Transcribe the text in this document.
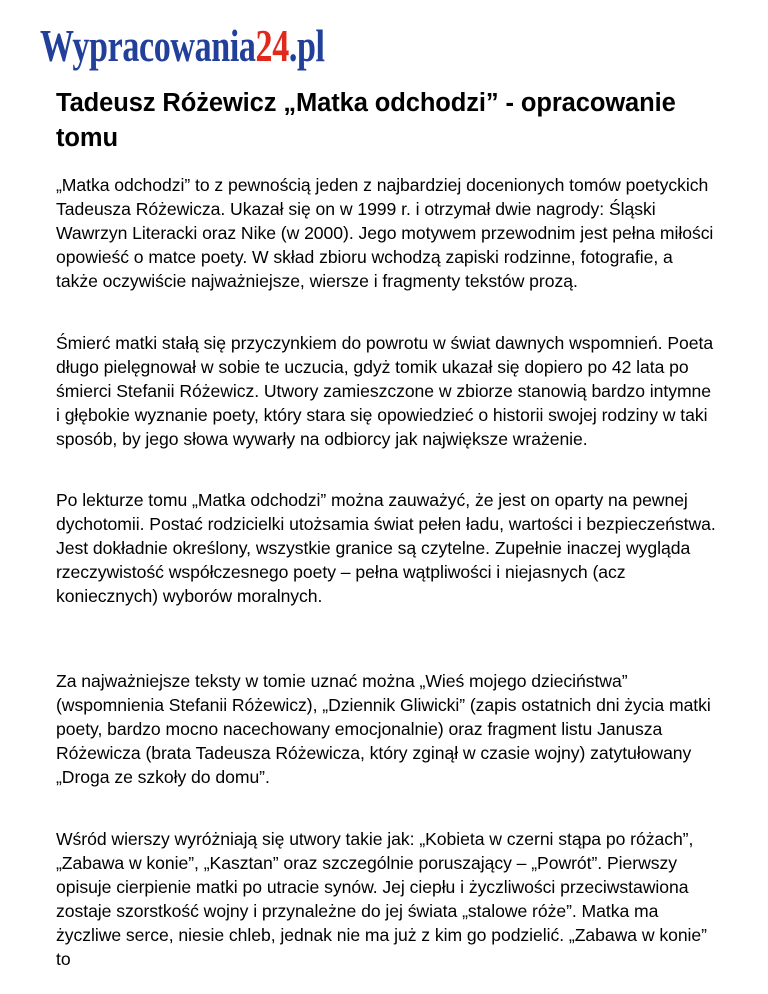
Wypracowania24.pl
Tadeusz Różewicz „Matka odchodzi” - opracowanie tomu

„Matka odchodzi” to z pewnością jeden z najbardziej docenionych tomów poetyckich Tadeusza Różewicza. Ukazał się on w 1999 r. i otrzymał dwie nagrody: Śląski Wawrzyn Literacki oraz Nike (w 2000). Jego motywem przewodnim jest pełna miłości opowieść o matce poety. W skład zbioru wchodzą zapiski rodzinne, fotografie, a także oczywiście najważniejsze, wiersze i fragmenty tekstów prozą.

Śmierć matki stałą się przyczynkiem do powrotu w świat dawnych wspomnień. Poeta długo pielęgnował w sobie te uczucia, gdyż tomik ukazał się dopiero po 42 lata po śmierci Stefanii Różewicz. Utwory zamieszczone w zbiorze stanowią bardzo intymne i głębokie wyznanie poety, który stara się opowiedzieć o historii swojej rodziny w taki sposób, by jego słowa wywarły na odbiorcy jak największe wrażenie.

Po lekturze tomu „Matka odchodzi” można zauważyć, że jest on oparty na pewnej dychotomii. Postać rodzicielki utożsamia świat pełen ładu, wartości i bezpieczeństwa. Jest dokładnie określony, wszystkie granice są czytelne. Zupełnie inaczej wygląda rzeczywistość współczesnego poety – pełna wątpliwości i niejasnych (acz koniecznych) wyborów moralnych.

Za najważniejsze teksty w tomie uznać można „Wieś mojego dzieciństwa” (wspomnienia Stefanii Różewicz), „Dziennik Gliwicki” (zapis ostatnich dni życia matki poety, bardzo mocno nacechowany emocjonalnie) oraz fragment listu Janusza Różewicza (brata Tadeusza Różewicza, który zginął w czasie wojny) zatytułowany „Droga ze szkoły do domu”.

Wśród wierszy wyróżniają się utwory takie jak: „Kobieta w czerni stąpa po różach”, „Zabawa w konie”, „Kasztan” oraz szczególnie poruszający – „Powrót”. Pierwszy opisuje cierpienie matki po utracie synów. Jej ciepłu i życzliwości przeciwstawiona zostaje szorstkość wojny i przynależne do jej świata „stalowe róże”. Matka ma życzliwe serce, niesie chleb, jednak nie ma już z kim go podzielić. „Zabawa w konie” to
